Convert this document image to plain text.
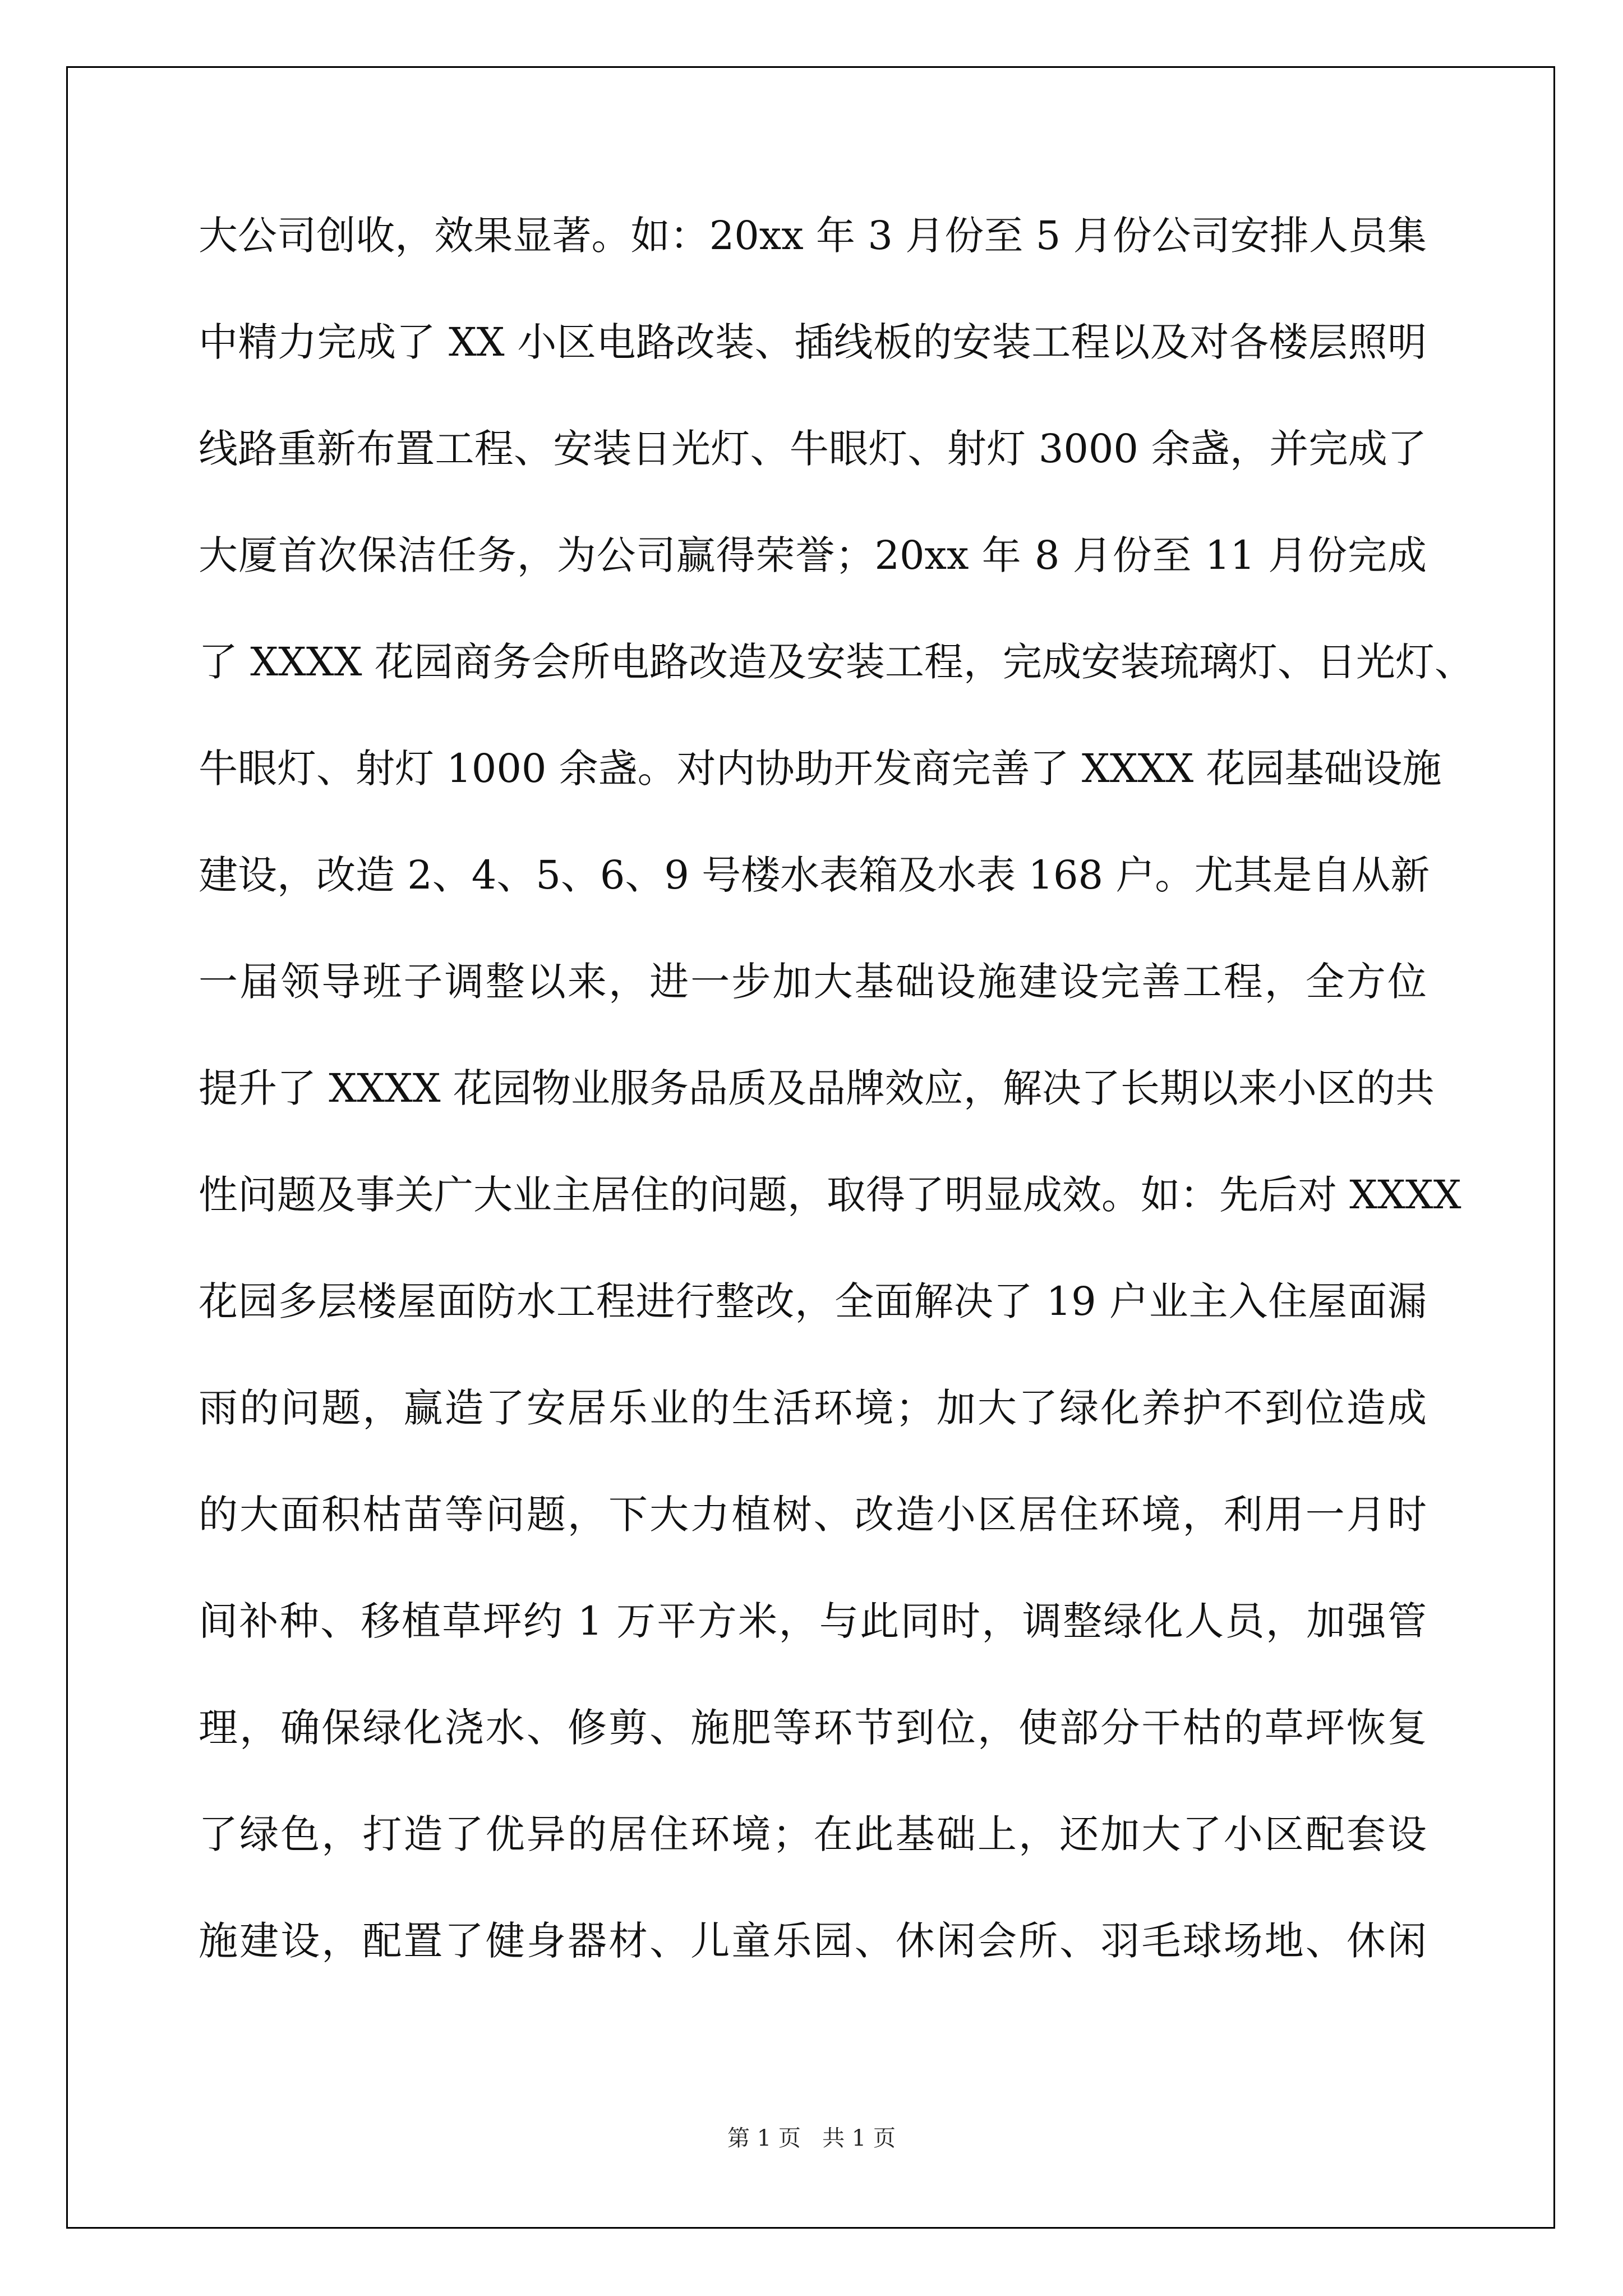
大公司创收，效果显著。如：20xx 年 3 月份至 5 月份公司安排人员集
中精力完成了 XX 小区电路改装、插线板的安装工程以及对各楼层照明
线路重新布置工程、安装日光灯、牛眼灯、射灯 3000 余盏，并完成了
大厦首次保洁任务，为公司赢得荣誉；20xx 年 8 月份至 11 月份完成
了 XXXX 花园商务会所电路改造及安装工程，完成安装琉璃灯、日光灯、
牛眼灯、射灯 1000 余盏。对内协助开发商完善了 XXXX 花园基础设施
建设，改造 2、4、5、6、9 号楼水表箱及水表 168 户。尤其是自从新
一届领导班子调整以来，进一步加大基础设施建设完善工程，全方位
提升了 XXXX 花园物业服务品质及品牌效应，解决了长期以来小区的共
性问题及事关广大业主居住的问题，取得了明显成效。如：先后对 XXXX
花园多层楼屋面防水工程进行整改，全面解决了 19 户业主入住屋面漏
雨的问题，赢造了安居乐业的生活环境；加大了绿化养护不到位造成
的大面积枯苗等问题，下大力植树、改造小区居住环境，利用一月时
间补种、移植草坪约 1 万平方米，与此同时，调整绿化人员，加强管
理，确保绿化浇水、修剪、施肥等环节到位，使部分干枯的草坪恢复
了绿色，打造了优异的居住环境；在此基础上，还加大了小区配套设
施建设，配置了健身器材、儿童乐园、休闲会所、羽毛球场地、休闲
第 1 页   共 1 页
